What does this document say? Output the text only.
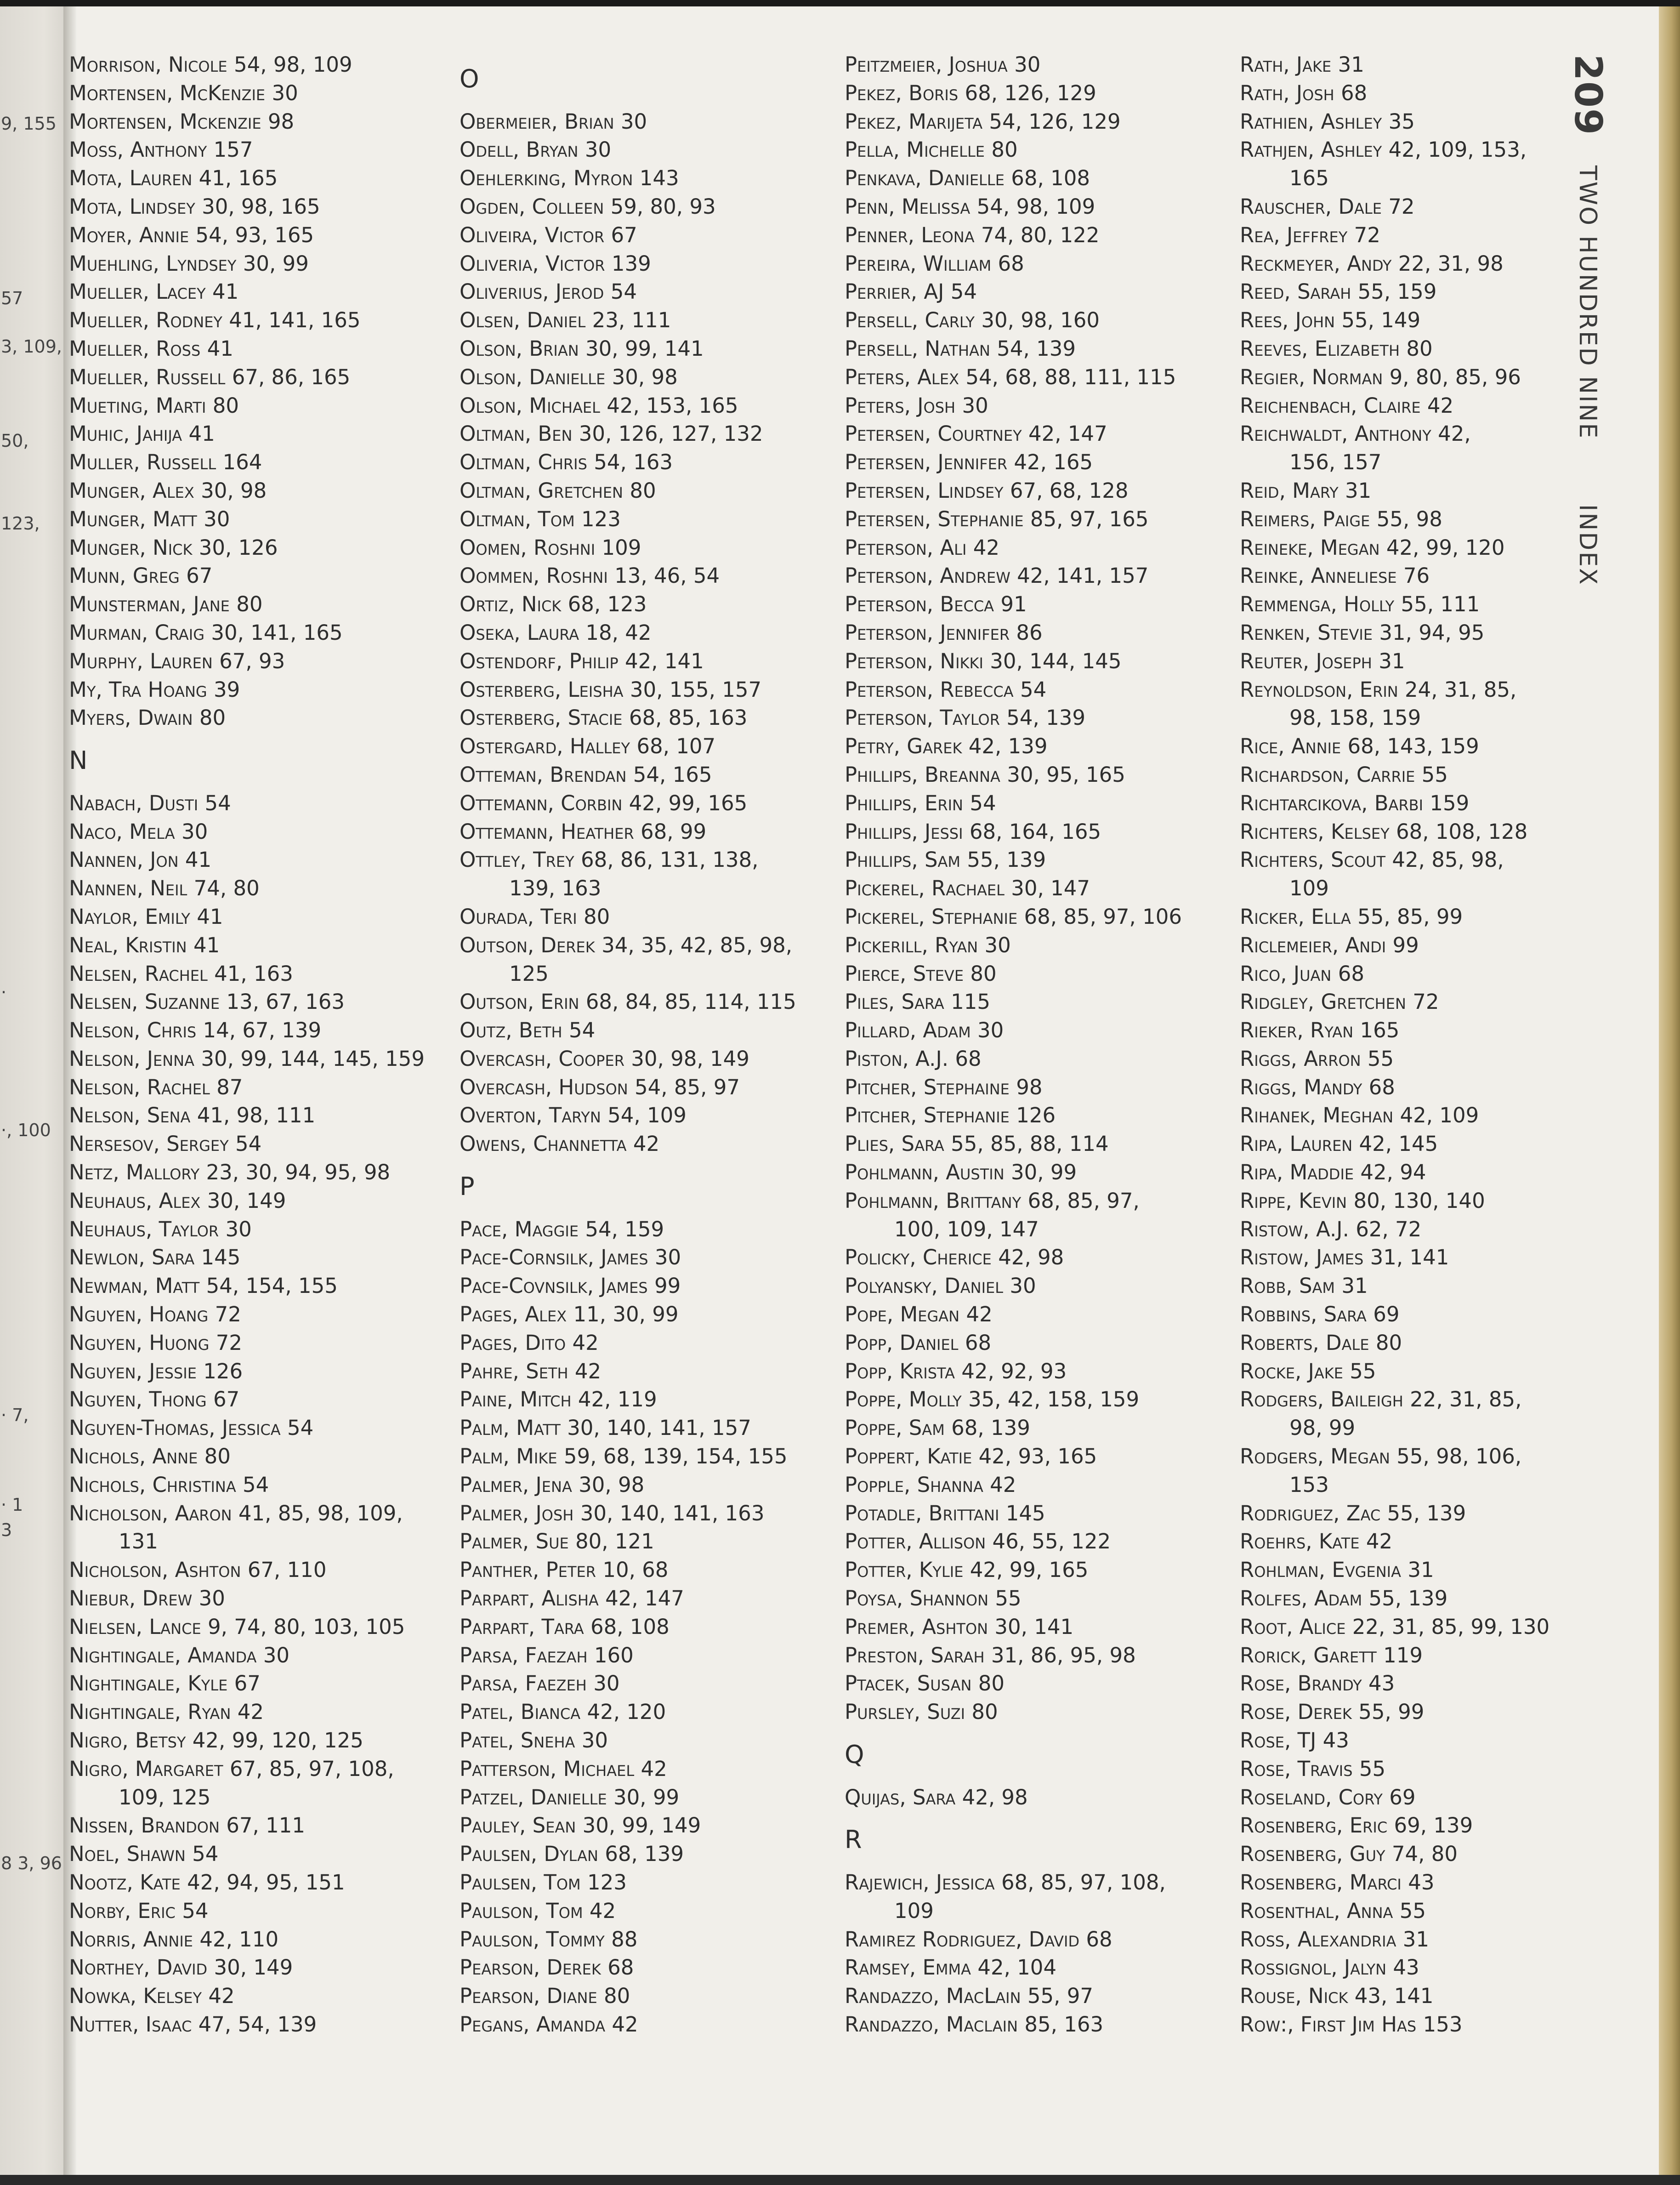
9, 155
57
3, 109,
50,
123,
·
·, 100
· 7,
· 1
3
8 3, 96
Morrison, Nicole 54, 98, 109
Mortensen, McKenzie 30
Mortensen, Mckenzie 98
Moss, Anthony 157
Mota, Lauren 41, 165
Mota, Lindsey 30, 98, 165
Moyer, Annie 54, 93, 165
Muehling, Lyndsey 30, 99
Mueller, Lacey 41
Mueller, Rodney 41, 141, 165
Mueller, Ross 41
Mueller, Russell 67, 86, 165
Mueting, Marti 80
Muhic, Jahija 41
Muller, Russell 164
Munger, Alex 30, 98
Munger, Matt 30
Munger, Nick 30, 126
Munn, Greg 67
Munsterman, Jane 80
Murman, Craig 30, 141, 165
Murphy, Lauren 67, 93
My, Tra Hoang 39
Myers, Dwain 80
N
Nabach, Dusti 54
Naco, Mela 30
Nannen, Jon 41
Nannen, Neil 74, 80
Naylor, Emily 41
Neal, Kristin 41
Nelsen, Rachel 41, 163
Nelsen, Suzanne 13, 67, 163
Nelson, Chris 14, 67, 139
Nelson, Jenna 30, 99, 144, 145, 159
Nelson, Rachel 87
Nelson, Sena 41, 98, 111
Nersesov, Sergey 54
Netz, Mallory 23, 30, 94, 95, 98
Neuhaus, Alex 30, 149
Neuhaus, Taylor 30
Newlon, Sara 145
Newman, Matt 54, 154, 155
Nguyen, Hoang 72
Nguyen, Huong 72
Nguyen, Jessie 126
Nguyen, Thong 67
Nguyen-Thomas, Jessica 54
Nichols, Anne 80
Nichols, Christina 54
Nicholson, Aaron 41, 85, 98, 109,
131
Nicholson, Ashton 67, 110
Niebur, Drew 30
Nielsen, Lance 9, 74, 80, 103, 105
Nightingale, Amanda 30
Nightingale, Kyle 67
Nightingale, Ryan 42
Nigro, Betsy 42, 99, 120, 125
Nigro, Margaret 67, 85, 97, 108,
109, 125
Nissen, Brandon 67, 111
Noel, Shawn 54
Nootz, Kate 42, 94, 95, 151
Norby, Eric 54
Norris, Annie 42, 110
Northey, David 30, 149
Nowka, Kelsey 42
Nutter, Isaac 47, 54, 139
O
Obermeier, Brian 30
Odell, Bryan 30
Oehlerking, Myron 143
Ogden, Colleen 59, 80, 93
Oliveira, Victor 67
Oliveria, Victor 139
Oliverius, Jerod 54
Olsen, Daniel 23, 111
Olson, Brian 30, 99, 141
Olson, Danielle 30, 98
Olson, Michael 42, 153, 165
Oltman, Ben 30, 126, 127, 132
Oltman, Chris 54, 163
Oltman, Gretchen 80
Oltman, Tom 123
Oomen, Roshni 109
Oommen, Roshni 13, 46, 54
Ortiz, Nick 68, 123
Oseka, Laura 18, 42
Ostendorf, Philip 42, 141
Osterberg, Leisha 30, 155, 157
Osterberg, Stacie 68, 85, 163
Ostergard, Halley 68, 107
Otteman, Brendan 54, 165
Ottemann, Corbin 42, 99, 165
Ottemann, Heather 68, 99
Ottley, Trey 68, 86, 131, 138,
139, 163
Ourada, Teri 80
Outson, Derek 34, 35, 42, 85, 98,
125
Outson, Erin 68, 84, 85, 114, 115
Outz, Beth 54
Overcash, Cooper 30, 98, 149
Overcash, Hudson 54, 85, 97
Overton, Taryn 54, 109
Owens, Channetta 42
P
Pace, Maggie 54, 159
Pace-Cornsilk, James 30
Pace-Covnsilk, James 99
Pages, Alex 11, 30, 99
Pages, Dito 42
Pahre, Seth 42
Paine, Mitch 42, 119
Palm, Matt 30, 140, 141, 157
Palm, Mike 59, 68, 139, 154, 155
Palmer, Jena 30, 98
Palmer, Josh 30, 140, 141, 163
Palmer, Sue 80, 121
Panther, Peter 10, 68
Parpart, Alisha 42, 147
Parpart, Tara 68, 108
Parsa, Faezah 160
Parsa, Faezeh 30
Patel, Bianca 42, 120
Patel, Sneha 30
Patterson, Michael 42
Patzel, Danielle 30, 99
Pauley, Sean 30, 99, 149
Paulsen, Dylan 68, 139
Paulsen, Tom 123
Paulson, Tom 42
Paulson, Tommy 88
Pearson, Derek 68
Pearson, Diane 80
Pegans, Amanda 42
Peitzmeier, Joshua 30
Pekez, Boris 68, 126, 129
Pekez, Marijeta 54, 126, 129
Pella, Michelle 80
Penkava, Danielle 68, 108
Penn, Melissa 54, 98, 109
Penner, Leona 74, 80, 122
Pereira, William 68
Perrier, AJ 54
Persell, Carly 30, 98, 160
Persell, Nathan 54, 139
Peters, Alex 54, 68, 88, 111, 115
Peters, Josh 30
Petersen, Courtney 42, 147
Petersen, Jennifer 42, 165
Petersen, Lindsey 67, 68, 128
Petersen, Stephanie 85, 97, 165
Peterson, Ali 42
Peterson, Andrew 42, 141, 157
Peterson, Becca 91
Peterson, Jennifer 86
Peterson, Nikki 30, 144, 145
Peterson, Rebecca 54
Peterson, Taylor 54, 139
Petry, Garek 42, 139
Phillips, Breanna 30, 95, 165
Phillips, Erin 54
Phillips, Jessi 68, 164, 165
Phillips, Sam 55, 139
Pickerel, Rachael 30, 147
Pickerel, Stephanie 68, 85, 97, 106
Pickerill, Ryan 30
Pierce, Steve 80
Piles, Sara 115
Pillard, Adam 30
Piston, A.J. 68
Pitcher, Stephaine 98
Pitcher, Stephanie 126
Plies, Sara 55, 85, 88, 114
Pohlmann, Austin 30, 99
Pohlmann, Brittany 68, 85, 97,
100, 109, 147
Policky, Cherice 42, 98
Polyansky, Daniel 30
Pope, Megan 42
Popp, Daniel 68
Popp, Krista 42, 92, 93
Poppe, Molly 35, 42, 158, 159
Poppe, Sam 68, 139
Poppert, Katie 42, 93, 165
Popple, Shanna 42
Potadle, Brittani 145
Potter, Allison 46, 55, 122
Potter, Kylie 42, 99, 165
Poysa, Shannon 55
Premer, Ashton 30, 141
Preston, Sarah 31, 86, 95, 98
Ptacek, Susan 80
Pursley, Suzi 80
Q
Quijas, Sara 42, 98
R
Rajewich, Jessica 68, 85, 97, 108,
109
Ramirez Rodriguez, David 68
Ramsey, Emma 42, 104
Randazzo, MacLain 55, 97
Randazzo, Maclain 85, 163
Rath, Jake 31
Rath, Josh 68
Rathien, Ashley 35
Rathjen, Ashley 42, 109, 153,
165
Rauscher, Dale 72
Rea, Jeffrey 72
Reckmeyer, Andy 22, 31, 98
Reed, Sarah 55, 159
Rees, John 55, 149
Reeves, Elizabeth 80
Regier, Norman 9, 80, 85, 96
Reichenbach, Claire 42
Reichwaldt, Anthony 42,
156, 157
Reid, Mary 31
Reimers, Paige 55, 98
Reineke, Megan 42, 99, 120
Reinke, Anneliese 76
Remmenga, Holly 55, 111
Renken, Stevie 31, 94, 95
Reuter, Joseph 31
Reynoldson, Erin 24, 31, 85,
98, 158, 159
Rice, Annie 68, 143, 159
Richardson, Carrie 55
Richtarcikova, Barbi 159
Richters, Kelsey 68, 108, 128
Richters, Scout 42, 85, 98,
109
Ricker, Ella 55, 85, 99
Riclemeier, Andi 99
Rico, Juan 68
Ridgley, Gretchen 72
Rieker, Ryan 165
Riggs, Arron 55
Riggs, Mandy 68
Rihanek, Meghan 42, 109
Ripa, Lauren 42, 145
Ripa, Maddie 42, 94
Rippe, Kevin 80, 130, 140
Ristow, A.J. 62, 72
Ristow, James 31, 141
Robb, Sam 31
Robbins, Sara 69
Roberts, Dale 80
Rocke, Jake 55
Rodgers, Baileigh 22, 31, 85,
98, 99
Rodgers, Megan 55, 98, 106,
153
Rodriguez, Zac 55, 139
Roehrs, Kate 42
Rohlman, Evgenia 31
Rolfes, Adam 55, 139
Root, Alice 22, 31, 85, 99, 130
Rorick, Garett 119
Rose, Brandy 43
Rose, Derek 55, 99
Rose, TJ 43
Rose, Travis 55
Roseland, Cory 69
Rosenberg, Eric 69, 139
Rosenberg, Guy 74, 80
Rosenberg, Marci 43
Rosenthal, Anna 55
Ross, Alexandria 31
Rossignol, Jalyn 43
Rouse, Nick 43, 141
Row:, First Jim Has 153
209 TWO HUNDRED NINE  INDEX
